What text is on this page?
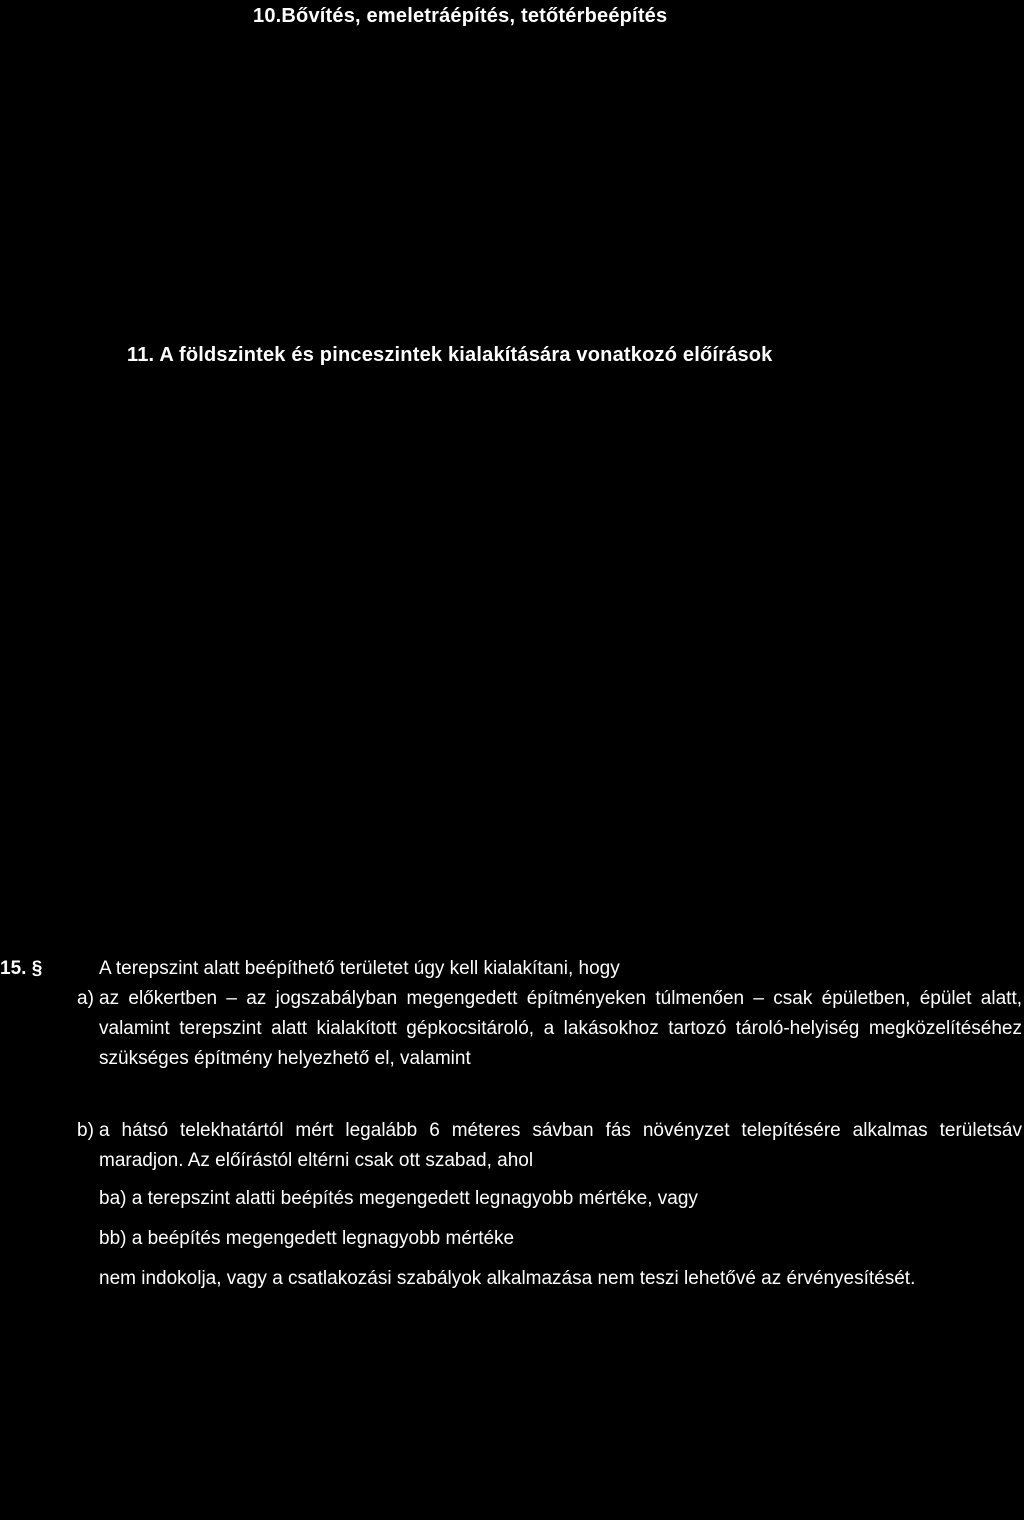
10.Bővítés, emeletráépítés, tetőtérbeépítés
11. A földszintek és pinceszintek kialakítására vonatkozó előírások
15. §	A terepszint alatt beépíthető területet úgy kell kialakítani, hogy
a) az előkertben – az jogszabályban megengedett építményeken túlmenően – csak épületben, épület alatt, valamint terepszint alatt kialakított gépkocsitároló, a lakásokhoz tartozó tároló-helyiség megközelítéséhez szükséges építmény helyezhető el, valamint
b) a hátsó telekhatártól mért legalább 6 méteres sávban fás növényzet telepítésére alkalmas területsáv maradjon. Az előírástól eltérni csak ott szabad, ahol
ba) a terepszint alatti beépítés megengedett legnagyobb mértéke, vagy
bb) a beépítés megengedett legnagyobb mértéke
nem indokolja, vagy a csatlakozási szabályok alkalmazása nem teszi lehetővé az érvényesítését.
